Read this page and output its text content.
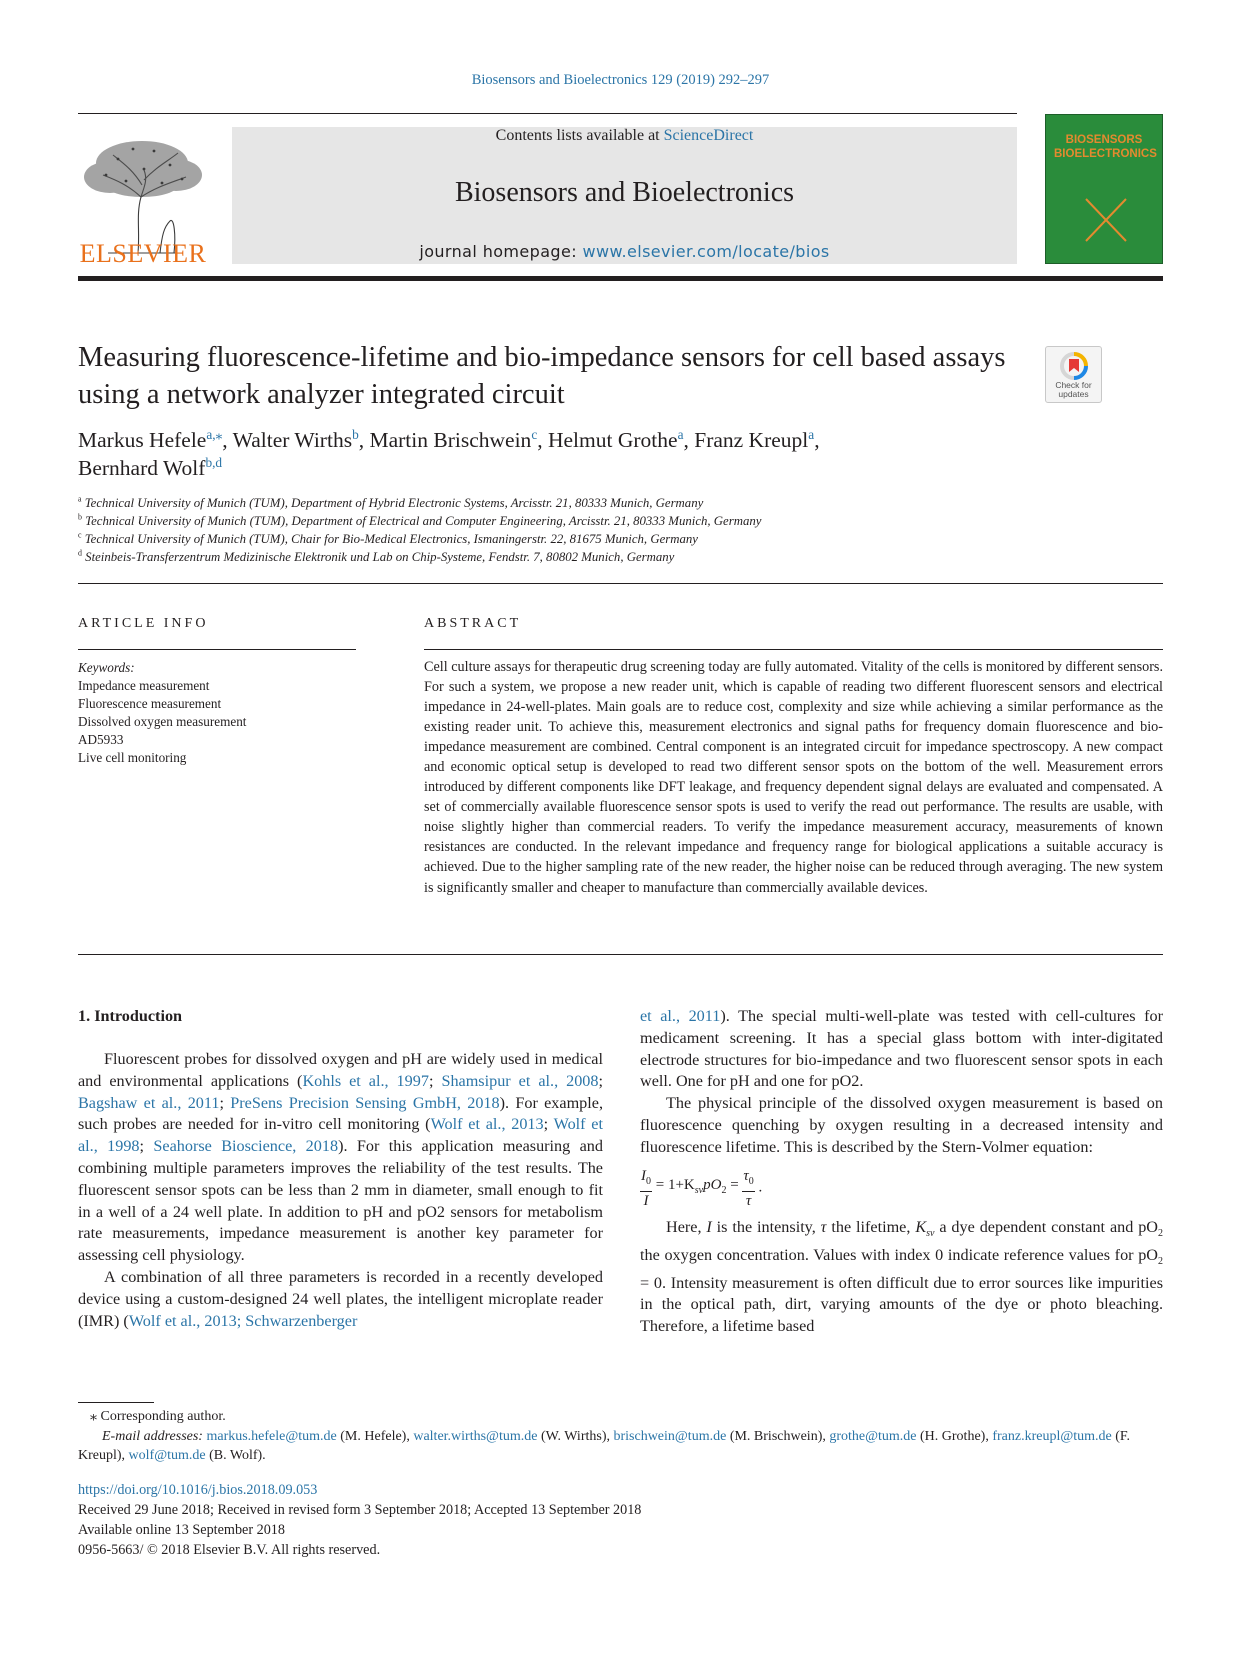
Biosensors and Bioelectronics 129 (2019) 292–297
ELSEVIER
Contents lists available at ScienceDirect
Biosensors and Bioelectronics
journal homepage: www.elsevier.com/locate/bios
BIOSENSORS BIOELECTRONICS
Measuring fluorescence-lifetime and bio-impedance sensors for cell based assays using a network analyzer integrated circuit	Check for updates
Markus Hefele$^{a,⁎}$, Walter Wirths$^b$, Martin Brischwein$^c$, Helmut Grothe$^a$, Franz Kreupl$^a$,
Bernhard Wolf$^{b,d}$
$^a$ Technical University of Munich (TUM), Department of Hybrid Electronic Systems, Arcisstr. 21, 80333 Munich, Germany
$^b$ Technical University of Munich (TUM), Department of Electrical and Computer Engineering, Arcisstr. 21, 80333 Munich, Germany
$^c$ Technical University of Munich (TUM), Chair for Bio-Medical Electronics, Ismaningerstr. 22, 81675 Munich, Germany
$^d$ Steinbeis-Transferzentrum Medizinische Elektronik und Lab on Chip-Systeme, Fendstr. 7, 80802 Munich, Germany
ARTICLE INFO	ABSTRACT
Keywords:
Impedance measurement
Fluorescence measurement
Dissolved oxygen measurement
AD5933
Live cell monitoring
Cell culture assays for therapeutic drug screening today are fully automated. Vitality of the cells is monitored by different sensors. For such a system, we propose a new reader unit, which is capable of reading two different fluorescent sensors and electrical impedance in 24-well-plates. Main goals are to reduce cost, complexity and size while achieving a similar performance as the existing reader unit. To achieve this, measurement electronics and signal paths for frequency domain fluorescence and bio-impedance measurement are combined. Central component is an integrated circuit for impedance spectroscopy. A new compact and economic optical setup is developed to read two different sensor spots on the bottom of the well. Measurement errors introduced by different components like DFT leakage, and frequency dependent signal delays are evaluated and compensated. A set of commercially available fluorescence sensor spots is used to verify the read out performance. The results are usable, with noise slightly higher than commercial readers. To verify the impedance measurement accuracy, measurements of known resistances are conducted. In the relevant impedance and frequency range for biological applications a suitable accuracy is achieved. Due to the higher sampling rate of the new reader, the higher noise can be reduced through averaging. The new system is significantly smaller and cheaper to manufacture than commercially available devices.
1. Introduction

Fluorescent probes for dissolved oxygen and pH are widely used in medical and environmental applications (Kohls et al., 1997; Shamsipur et al., 2008; Bagshaw et al., 2011; PreSens Precision Sensing GmbH, 2018). For example, such probes are needed for in-vitro cell monitoring (Wolf et al., 2013; Wolf et al., 1998; Seahorse Bioscience, 2018). For this application measuring and combining multiple parameters improves the reliability of the test results. The fluorescent sensor spots can be less than 2 mm in diameter, small enough to fit in a well of a 24 well plate. In addition to pH and pO2 sensors for metabolism rate measurements, impedance measurement is another key parameter for assessing cell physiology.

A combination of all three parameters is recorded in a recently developed device using a custom-designed 24 well plates, the intelligent microplate reader (IMR) (Wolf et al., 2013; Schwarzenberger

et al., 2011). The special multi-well-plate was tested with cell-cultures for medicament screening. It has a special glass bottom with inter-digitated electrode structures for bio-impedance and two fluorescent sensor spots in each well. One for pH and one for pO2.

The physical principle of the dissolved oxygen measurement is based on fluorescence quenching by oxygen resulting in a decreased intensity and fluorescence lifetime. This is described by the Stern-Volmer equation:

$\frac{I_0}{I} = 1+K_{sv}pO_2 = \frac{\tau_0}{\tau}$ .

Here, I is the intensity, τ the lifetime, $K_{sv}$ a dye dependent constant and $pO_2$ the oxygen concentration. Values with index 0 indicate reference values for $pO_2 = 0$. Intensity measurement is often difficult due to error sources like impurities in the optical path, dirt, varying amounts of the dye or photo bleaching. Therefore, a lifetime based

⁎ Corresponding author.

E-mail addresses: markus.hefele@tum.de (M. Hefele), walter.wirths@tum.de (W. Wirths), brischwein@tum.de (M. Brischwein), grothe@tum.de (H. Grothe), franz.kreupl@tum.de (F. Kreupl), wolf@tum.de (B. Wolf).

https://doi.org/10.1016/j.bios.2018.09.053
Received 29 June 2018; Received in revised form 3 September 2018; Accepted 13 September 2018
Available online 13 September 2018
0956-5663/ © 2018 Elsevier B.V. All rights reserved.
